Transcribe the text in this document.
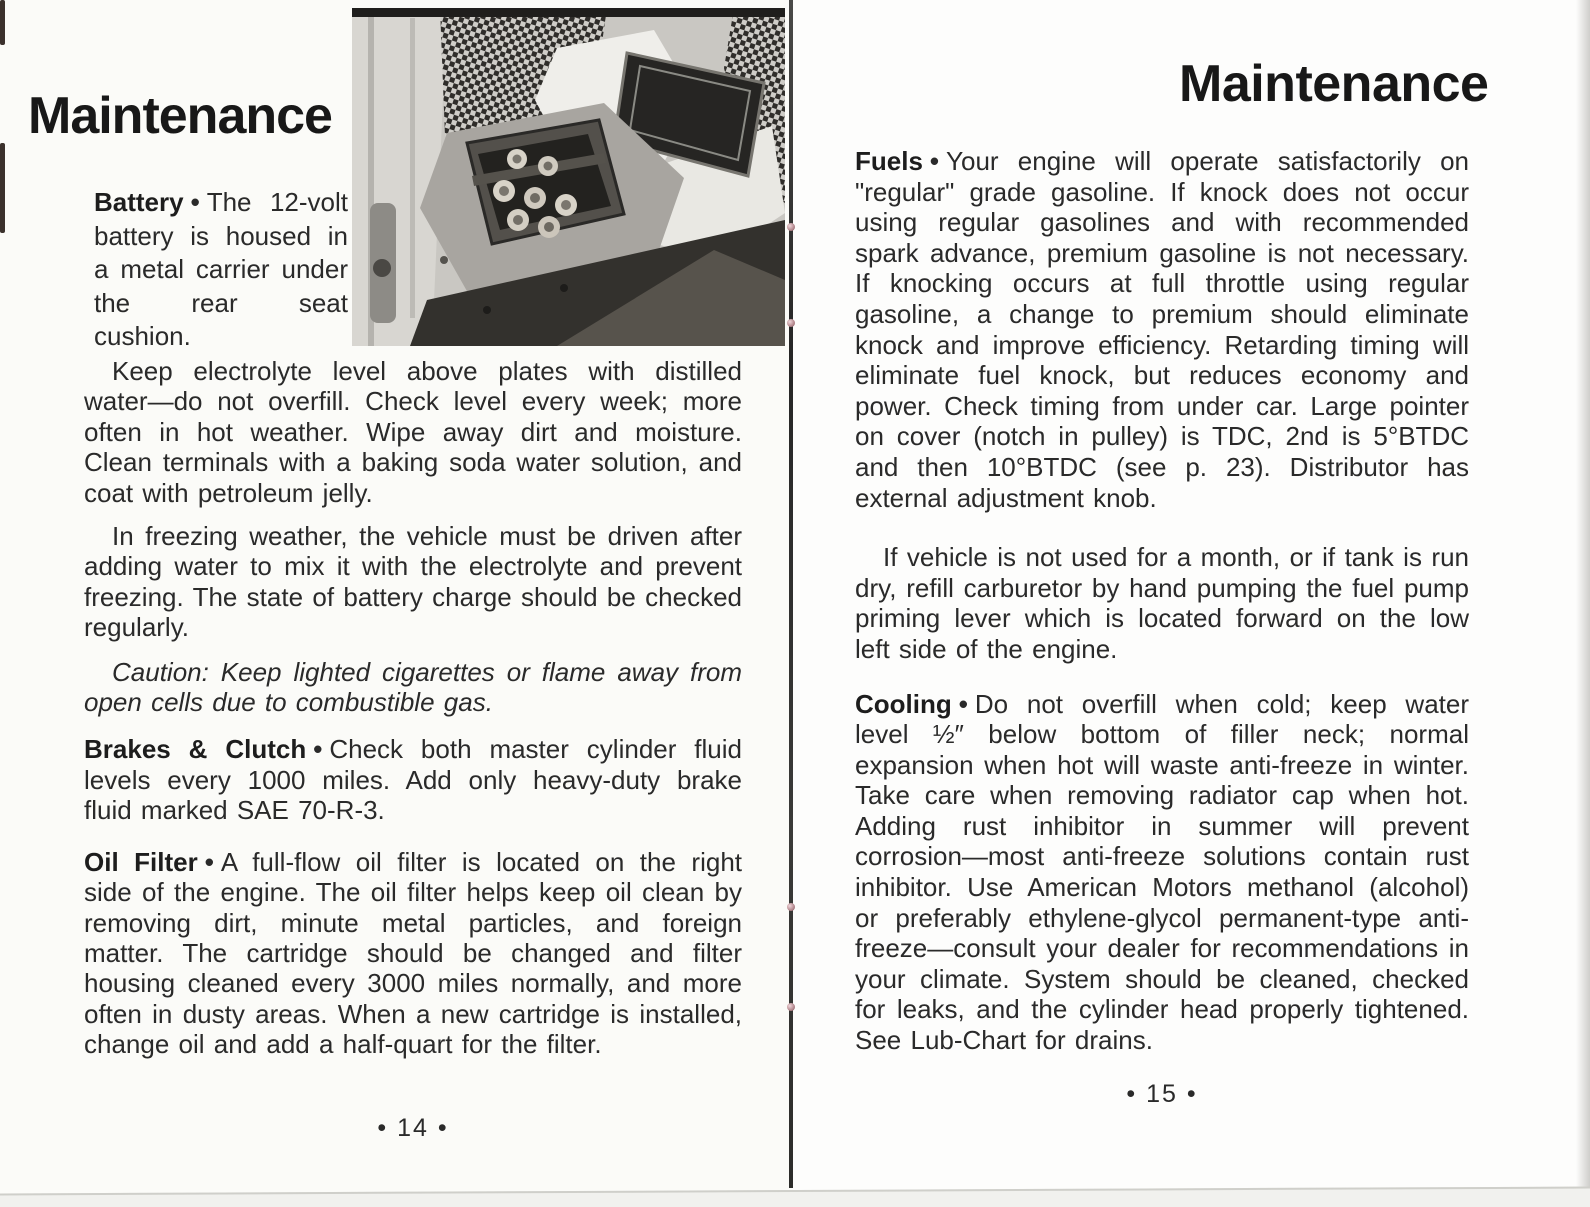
Maintenance
Battery • The 12-volt battery is housed in a metal carrier under the rear seat cushion.

Keep electrolyte level above plates with distilled water—do not overfill. Check level every week; more often in hot weather. Wipe away dirt and moisture. Clean terminals with a baking soda water solution, and coat with petroleum jelly.

In freezing weather, the vehicle must be driven after adding water to mix it with the electrolyte and prevent freezing. The state of battery charge should be checked regularly.

Caution: Keep lighted cigarettes or flame away from open cells due to combustible gas.

Brakes & Clutch • Check both master cylinder fluid levels every 1000 miles. Add only heavy-duty brake fluid marked SAE 70-R-3.

Oil Filter • A full-flow oil filter is located on the right side of the engine. The oil filter helps keep oil clean by removing dirt, minute metal particles, and foreign matter. The cartridge should be changed and filter housing cleaned every 3000 miles normally, and more often in dusty areas. When a new cartridge is installed, change oil and add a half-quart for the filter.

• 14 •
Maintenance

Fuels • Your engine will operate satisfactorily on "regular" grade gasoline. If knock does not occur using regular gasolines and with recommended spark advance, premium gasoline is not necessary. If knocking occurs at full throttle using regular gasoline, a change to premium should eliminate knock and improve efficiency. Retarding timing will eliminate fuel knock, but reduces economy and power. Check timing from under car. Large pointer on cover (notch in pulley) is TDC, 2nd is 5°BTDC and then 10°BTDC (see p. 23). Distributor has external adjustment knob.

If vehicle is not used for a month, or if tank is run dry, refill carburetor by hand pumping the fuel pump priming lever which is located forward on the low left side of the engine.

Cooling • Do not overfill when cold; keep water level ½″ below bottom of filler neck; normal expansion when hot will waste anti-freeze in winter. Take care when removing radiator cap when hot. Adding rust inhibitor in summer will prevent corrosion—most anti-freeze solutions contain rust inhibitor. Use American Motors methanol (alcohol) or preferably ethylene-glycol permanent-type anti-freeze—consult your dealer for recommendations in your climate. System should be cleaned, checked for leaks, and the cylinder head properly tightened. See Lub-Chart for drains.

• 15 •
